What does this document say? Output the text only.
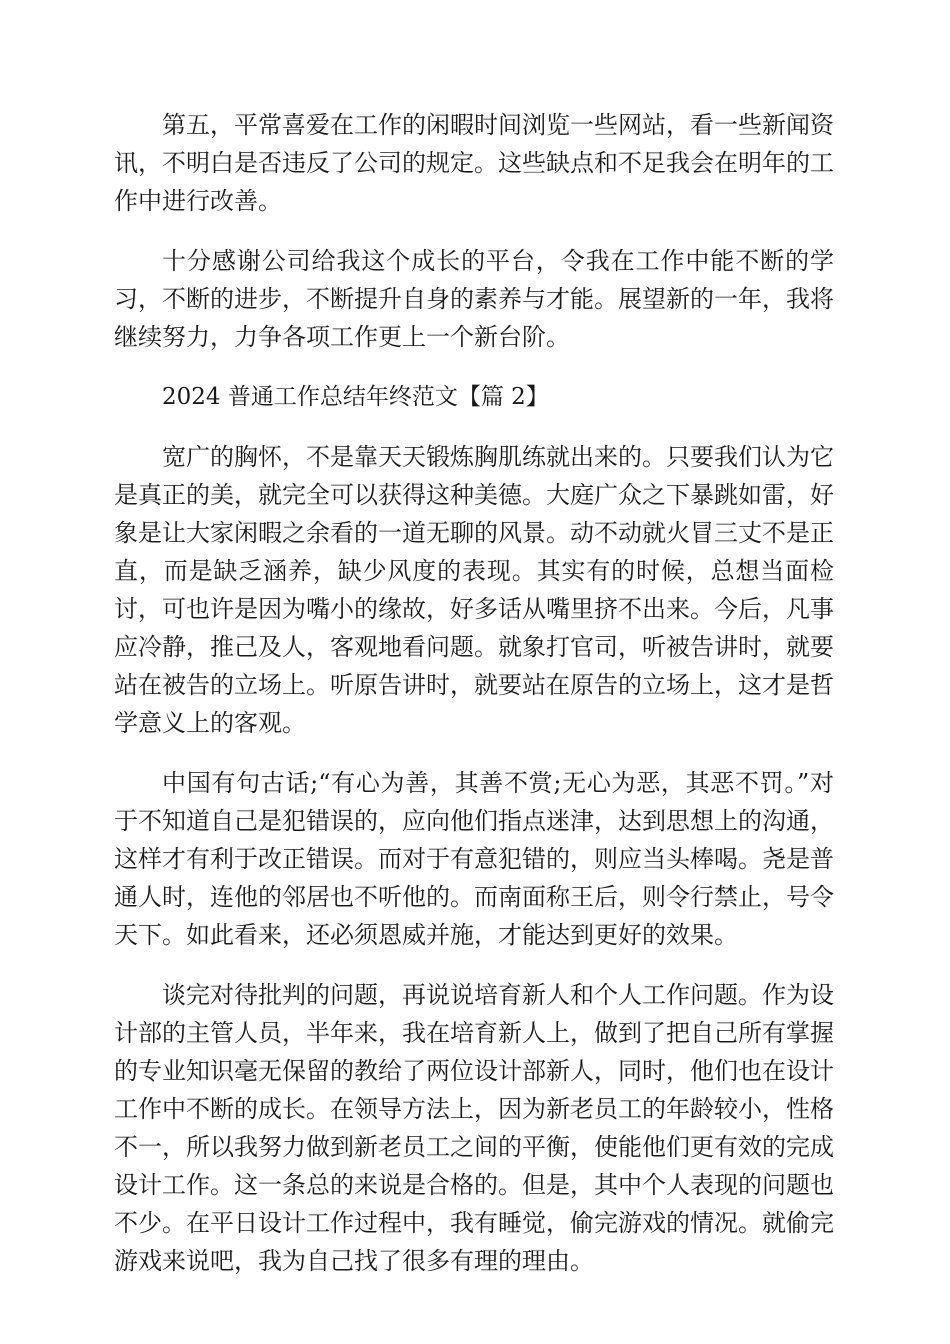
第五，平常喜爱在工作的闲暇时间浏览一些网站，看一些新闻资讯，不明白是否违反了公司的规定。这些缺点和不足我会在明年的工作中进行改善。

十分感谢公司给我这个成长的平台，令我在工作中能不断的学习，不断的进步，不断提升自身的素养与才能。展望新的一年，我将继续努力，力争各项工作更上一个新台阶。

2024 普通工作总结年终范文【篇 2】

宽广的胸怀，不是靠天天锻炼胸肌练就出来的。只要我们认为它是真正的美，就完全可以获得这种美德。大庭广众之下暴跳如雷，好象是让大家闲暇之余看的一道无聊的风景。动不动就火冒三丈不是正直，而是缺乏涵养，缺少风度的表现。其实有的时候，总想当面检讨，可也许是因为嘴小的缘故，好多话从嘴里挤不出来。今后，凡事应冷静，推己及人，客观地看问题。就象打官司，听被告讲时，就要站在被告的立场上。听原告讲时，就要站在原告的立场上，这才是哲学意义上的客观。

中国有句古话;“有心为善，其善不赏;无心为恶，其恶不罚。”对于不知道自己是犯错误的，应向他们指点迷津，达到思想上的沟通，这样才有利于改正错误。而对于有意犯错的，则应当头棒喝。尧是普通人时，连他的邻居也不听他的。而南面称王后，则令行禁止，号令天下。如此看来，还必须恩威并施，才能达到更好的效果。

谈完对待批判的问题，再说说培育新人和个人工作问题。作为设计部的主管人员，半年来，我在培育新人上，做到了把自己所有掌握的专业知识毫无保留的教给了两位设计部新人，同时，他们也在设计工作中不断的成长。在领导方法上，因为新老员工的年龄较小，性格不一，所以我努力做到新老员工之间的平衡，使能他们更有效的完成设计工作。这一条总的来说是合格的。但是，其中个人表现的问题也不少。在平日设计工作过程中，我有睡觉，偷完游戏的情况。就偷完游戏来说吧，我为自己找了很多有理的理由。
